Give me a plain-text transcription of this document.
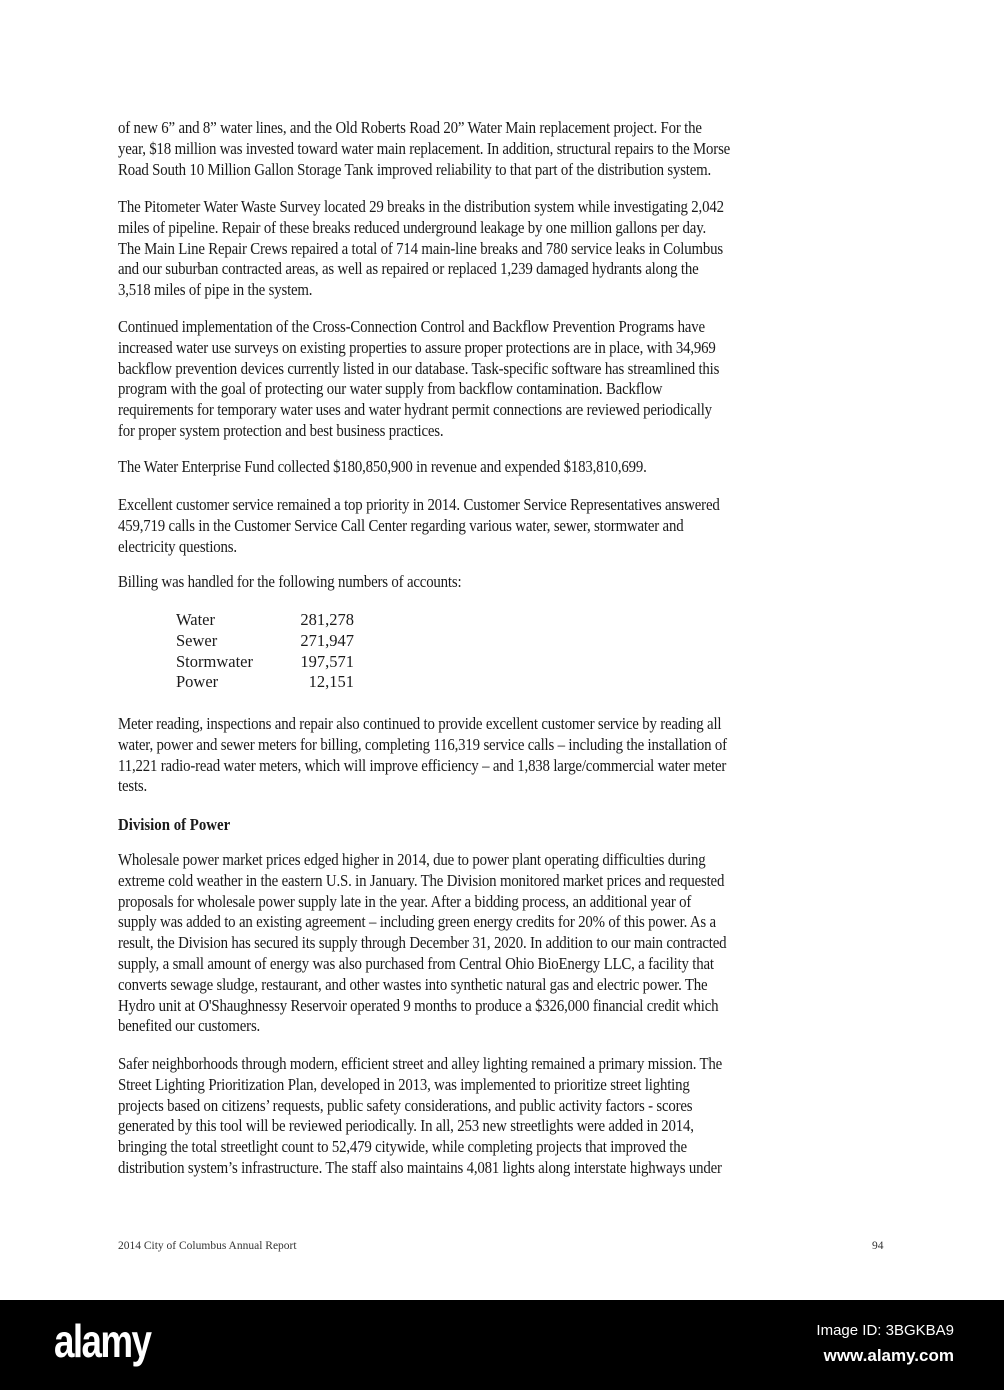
of new 6” and 8” water lines, and the Old Roberts Road 20” Water Main replacement project. For the
year, $18 million was invested toward water main replacement. In addition, structural repairs to the Morse
Road South 10 Million Gallon Storage Tank improved reliability to that part of the distribution system.
The Pitometer Water Waste Survey located 29 breaks in the distribution system while investigating 2,042
miles of pipeline. Repair of these breaks reduced underground leakage by one million gallons per day.
The Main Line Repair Crews repaired a total of 714 main-line breaks and 780 service leaks in Columbus
and our suburban contracted areas, as well as repaired or replaced 1,239 damaged hydrants along the
3,518 miles of pipe in the system.
Continued implementation of the Cross-Connection Control and Backflow Prevention Programs have
increased water use surveys on existing properties to assure proper protections are in place, with 34,969
backflow prevention devices currently listed in our database. Task-specific software has streamlined this
program with the goal of protecting our water supply from backflow contamination. Backflow
requirements for temporary water uses and water hydrant permit connections are reviewed periodically
for proper system protection and best business practices.
The Water Enterprise Fund collected $180,850,900 in revenue and expended $183,810,699.
Excellent customer service remained a top priority in 2014. Customer Service Representatives answered
459,719 calls in the Customer Service Call Center regarding various water, sewer, stormwater and
electricity questions.
Billing was handled for the following numbers of accounts:
Water	281,278
Sewer	271,947
Stormwater	197,571
Power	12,151
Meter reading, inspections and repair also continued to provide excellent customer service by reading all
water, power and sewer meters for billing, completing 116,319 service calls – including the installation of
11,221 radio-read water meters, which will improve efficiency – and 1,838 large/commercial water meter
tests.
Division of Power
Wholesale power market prices edged higher in 2014, due to power plant operating difficulties during
extreme cold weather in the eastern U.S. in January. The Division monitored market prices and requested
proposals for wholesale power supply late in the year. After a bidding process, an additional year of
supply was added to an existing agreement – including green energy credits for 20% of this power. As a
result, the Division has secured its supply through December 31, 2020. In addition to our main contracted
supply, a small amount of energy was also purchased from Central Ohio BioEnergy LLC, a facility that
converts sewage sludge, restaurant, and other wastes into synthetic natural gas and electric power. The
Hydro unit at O'Shaughnessy Reservoir operated 9 months to produce a $326,000 financial credit which
benefited our customers.
Safer neighborhoods through modern, efficient street and alley lighting remained a primary mission. The
Street Lighting Prioritization Plan, developed in 2013, was implemented to prioritize street lighting
projects based on citizens’ requests, public safety considerations, and public activity factors - scores
generated by this tool will be reviewed periodically. In all, 253 new streetlights were added in 2014,
bringing the total streetlight count to 52,479 citywide, while completing projects that improved the
distribution system’s infrastructure. The staff also maintains 4,081 lights along interstate highways under
2014 City of Columbus Annual Report	94
alamy	Image ID: 3BGKBA9
www.alamy.com
